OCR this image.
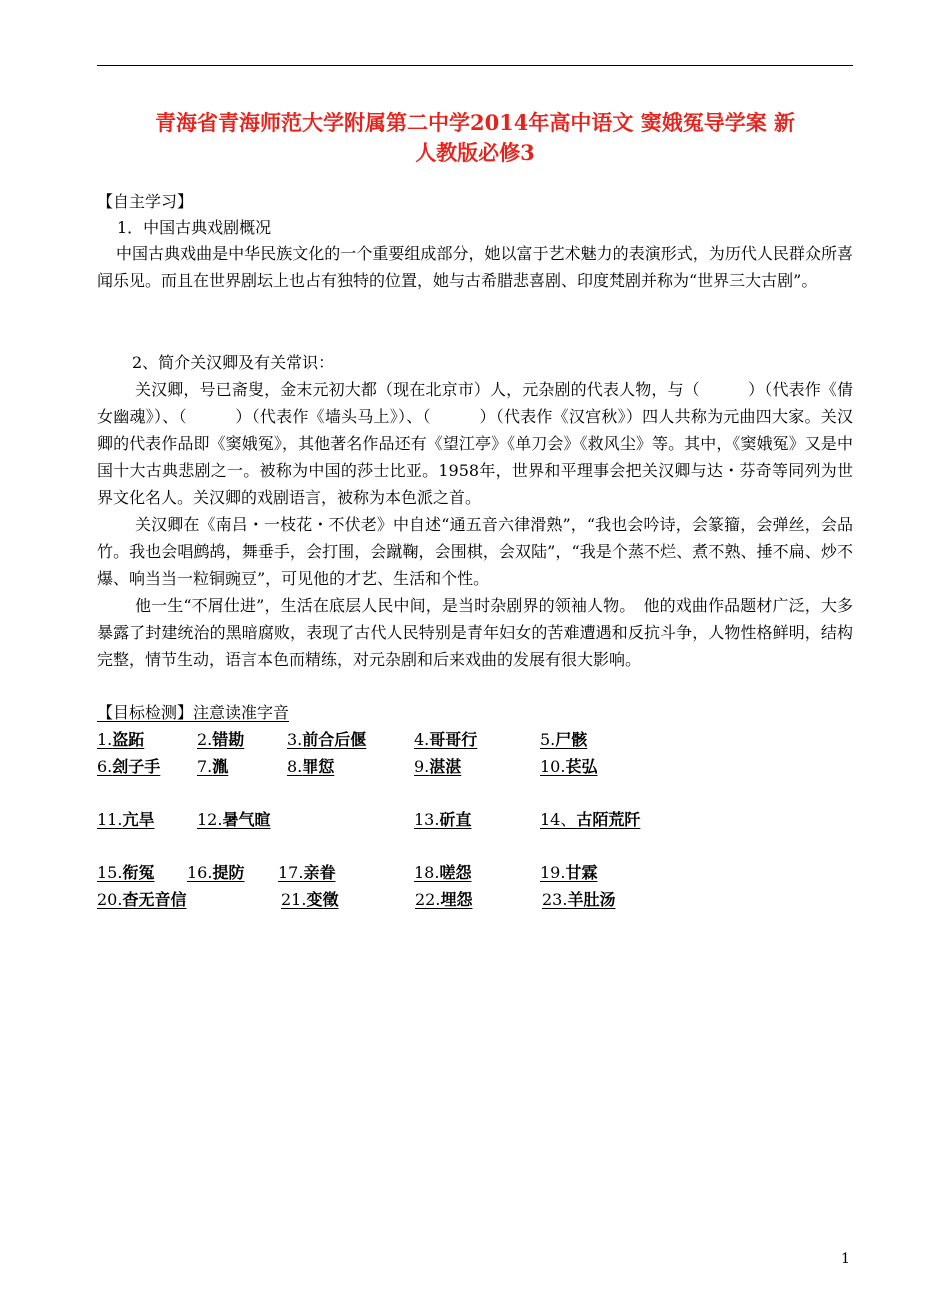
青海省青海师范大学附属第二中学2014年高中语文 窦娥冤导学案 新
人教版必修3
【自主学习】
1．中国古典戏剧概况
中国古典戏曲是中华民族文化的一个重要组成部分，她以富于艺术魅力的表演形式，为历代人民群众所喜闻乐见。而且在世界剧坛上也占有独特的位置，她与古希腊悲喜剧、印度梵剧并称为“世界三大古剧”。
2、简介关汉卿及有关常识：
关汉卿，号已斋叟，金末元初大都（现在北京市）人，元杂剧的代表人物，与（　　　）（代表作《倩女幽魂》）、（　　　）（代表作《墙头马上》）、（　　　）（代表作《汉宫秋》）四人共称为元曲四大家。关汉卿的代表作品即《窦娥冤》，其他著名作品还有《望江亭》《单刀会》《救风尘》等。其中，《窦娥冤》又是中国十大古典悲剧之一。被称为中国的莎士比亚。1958年，世界和平理事会把关汉卿与达・芬奇等同列为世界文化名人。关汉卿的戏剧语言，被称为本色派之首。
关汉卿在《南吕・一枝花・不伏老》中自述“通五音六律滑熟”，“我也会吟诗，会篆籀，会弹丝，会品竹。我也会唱鹧鸪，舞垂手，会打围，会蹴鞠，会围棋，会双陆”，“我是个蒸不烂、煮不熟、捶不扁、炒不爆、响当当一粒铜豌豆”，可见他的才艺、生活和个性。
他一生“不屑仕进”，生活在底层人民中间，是当时杂剧界的领袖人物。　他的戏曲作品题材广泛，大多暴露了封建统治的黑暗腐败，表现了古代人民特别是青年妇女的苦难遭遇和反抗斗争，人物性格鲜明，结构完整，情节生动，语言本色而精练，对元杂剧和后来戏曲的发展有很大影响。
【目标检测】注意读准字音
1.盗跖	2.错勘	3.前合后偃	4.哥哥行	5.尸骸
6.刽子手 7.湚	8.罪愆	9.湛湛	10.苌弘
11.亢旱	12.暑气暄	13.斫直	14、古陌荒阡
15.衔冤 16.提防 17.亲眷	18.嗟怨	19.甘霖
20.杳无音信	21.变徵	22.埋怨	23.羊肚汤
1
